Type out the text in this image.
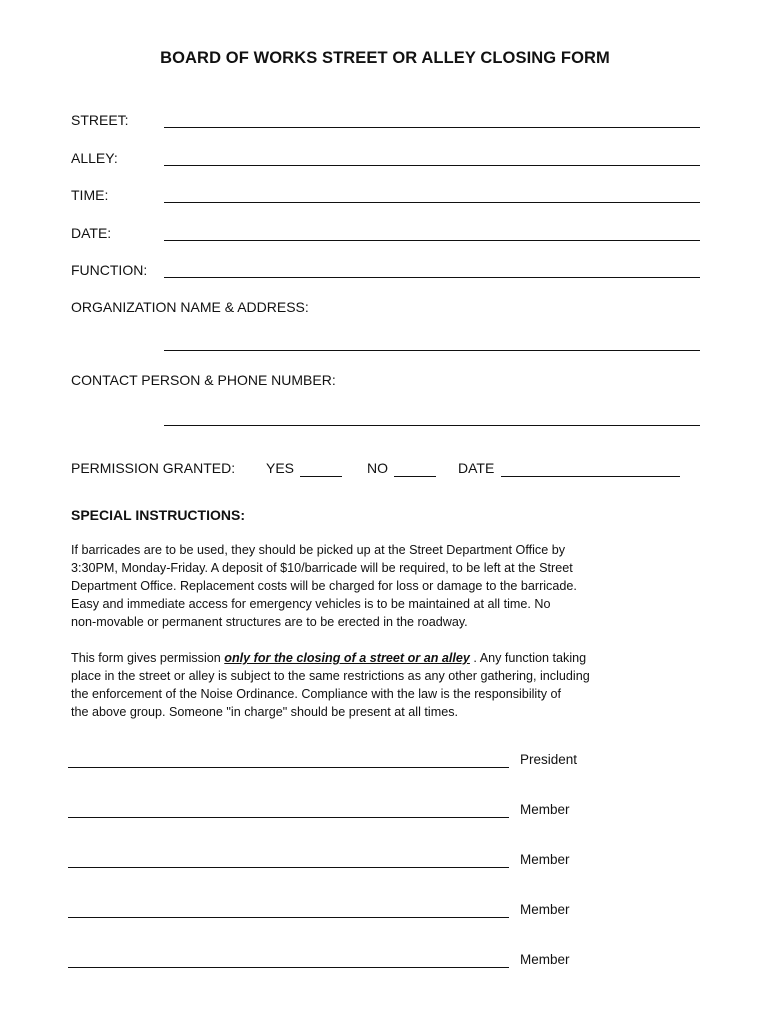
BOARD OF WORKS STREET OR ALLEY CLOSING FORM
STREET:
ALLEY:
TIME:
DATE:
FUNCTION:
ORGANIZATION NAME & ADDRESS:
CONTACT PERSON & PHONE NUMBER:
PERMISSION GRANTED: YES	NO	DATE
SPECIAL INSTRUCTIONS:
If barricades are to be used, they should be picked up at the Street Department Office by
3:30PM, Monday-Friday. A deposit of $10/barricade will be required, to be left at the Street
Department Office. Replacement costs will be charged for loss or damage to the barricade.
Easy and immediate access for emergency vehicles is to be maintained at all time. No
non-movable or permanent structures are to be erected in the roadway.
This form gives permission only for the closing of a street or an alley . Any function taking
place in the street or alley is subject to the same restrictions as any other gathering, including
the enforcement of the Noise Ordinance. Compliance with the law is the responsibility of
the above group. Someone "in charge" should be present at all times.
President
Member
Member
Member
Member
